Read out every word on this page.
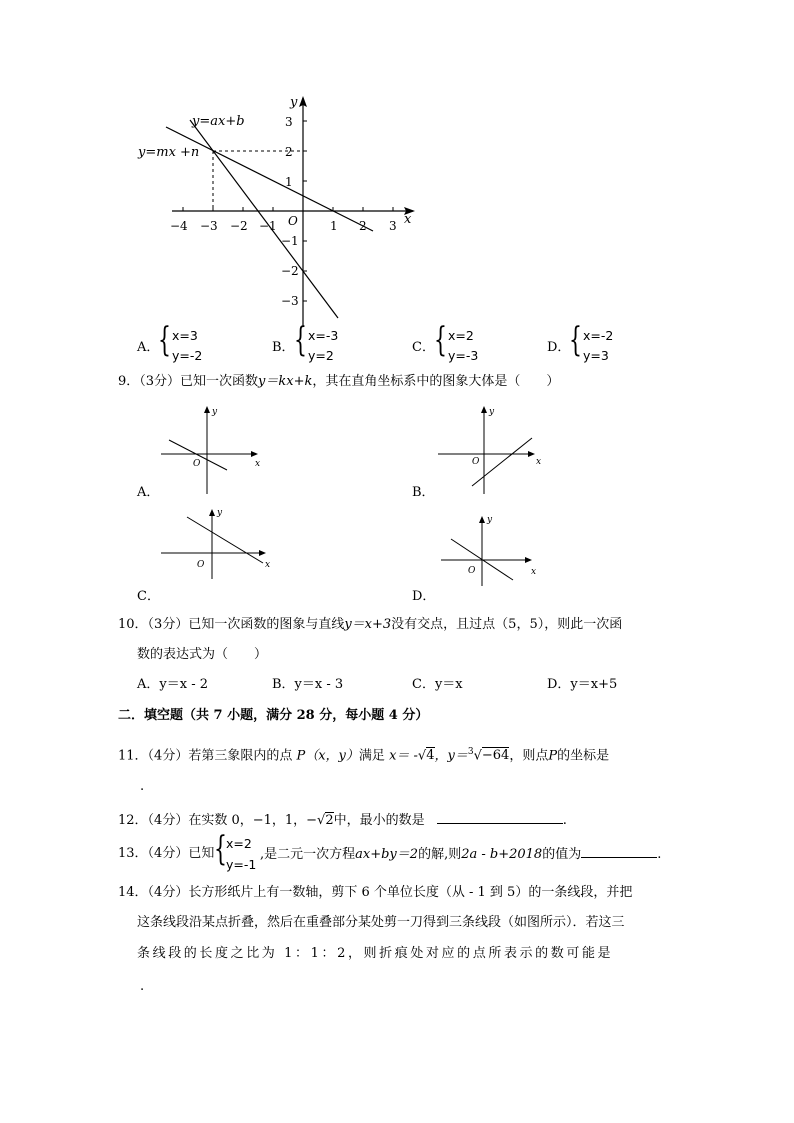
y=ax+b
y=mx +n
y
x
O
−4 −3 −2 −1	1 2 3
3
2
1
−1
−2
−3
A．
{ x=3
y=-2
B． { x=-3
y=2
C． { x=2
y=-3
D．
{ x=-2
y=3
9．（3分）已知一次函数y＝kx+k，其在直角坐标系中的图象大体是（　　）
y
x
O
A．
y
x
O
B．
y
x
O
C．
y
x
O
D．
10．（3分）已知一次函数的图象与直线y＝x+3没有交点，且过点（5，5），则此一次函
数的表达式为（　　）
A．y＝x - 2	B．y＝x - 3	C．y＝x	D．y＝x+5
二．填空题（共 7 小题，满分 28 分，每小题 4 分）
11．（4分）若第三象限内的点 P（x，y）满足 x＝ -√4，y＝$^3$√−64，则点P的坐标是
.
12．（4分）在实数 0，−1，1，−√2中，最小的数是	.
13．（4分）已知 { x=2
y=-1
,是二元一次方程ax+by＝2的解,则2a - b+2018的值为	.
14．（4分）长方形纸片上有一数轴，剪下 6 个单位长度（从 - 1 到 5）的一条线段，并把
这条线段沿某点折叠，然后在重叠部分某处剪一刀得到三条线段（如图所示）．若这三
条线段的长度之比为 1：1：2，则折痕处对应的点所表示的数可能是
.
